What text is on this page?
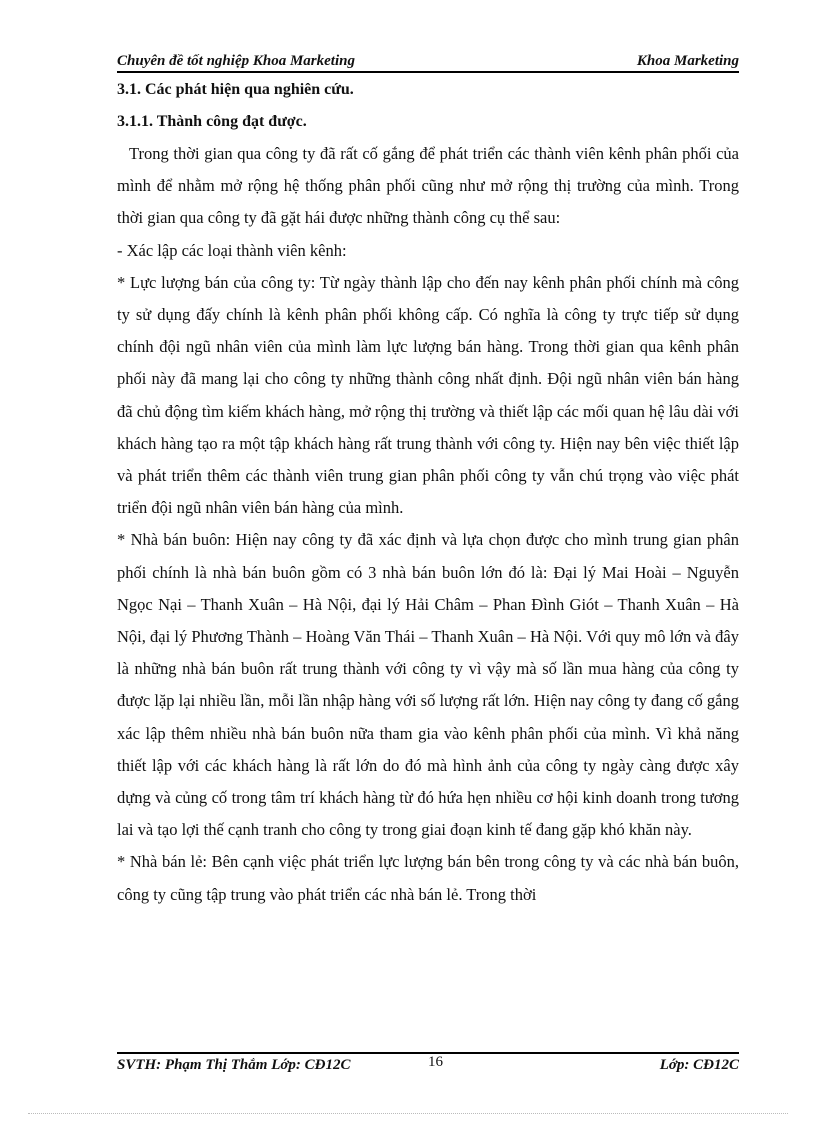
Chuyên đề tốt nghiệp Khoa Marketing	Khoa Marketing

3.1. Các phát hiện qua nghiên cứu.

3.1.1. Thành công đạt được.

Trong thời gian qua công ty đã rất cố gắng để phát triển các thành viên kênh phân phối của mình để nhằm mở rộng hệ thống phân phối cũng như mở rộng thị trường của mình. Trong thời gian qua công ty đã gặt hái được những thành công cụ thể sau:

- Xác lập các loại thành viên kênh:

* Lực lượng bán của công ty: Từ ngày thành lập cho đến nay kênh phân phối chính mà công ty sử dụng đấy chính là kênh phân phối không cấp. Có nghĩa là công ty trực tiếp sử dụng chính đội ngũ nhân viên của mình làm lực lượng bán hàng. Trong thời gian qua kênh phân phối này đã mang lại cho công ty những thành công nhất định. Đội ngũ nhân viên bán hàng đã chủ động tìm kiếm khách hàng, mở rộng thị trường và thiết lập các mối quan hệ lâu dài với khách hàng tạo ra một tập khách hàng rất trung thành với công ty. Hiện nay bên việc thiết lập và phát triển thêm các thành viên trung gian phân phối công ty vẫn chú trọng vào việc phát triển đội ngũ nhân viên bán hàng của mình.

* Nhà bán buôn: Hiện nay công ty đã xác định và lựa chọn được cho mình trung gian phân phối chính là nhà bán buôn gồm có 3 nhà bán buôn lớn đó là: Đại lý Mai Hoài – Nguyễn Ngọc Nại – Thanh Xuân – Hà Nội, đại lý Hải Châm – Phan Đình Giót – Thanh Xuân – Hà Nội, đại lý Phương Thành – Hoàng Văn Thái – Thanh Xuân – Hà Nội. Với quy mô lớn và đây là những nhà bán buôn rất trung thành với công ty vì vậy mà số lần mua hàng của công ty được lặp lại nhiều lần, mỗi lần nhập hàng với số lượng rất lớn. Hiện nay công ty đang cố gắng xác lập thêm nhiều nhà bán buôn nữa tham gia vào kênh phân phối của mình. Vì khả năng thiết lập với các khách hàng là rất lớn do đó mà hình ảnh của công ty ngày càng được xây dựng và củng cố trong tâm trí khách hàng từ đó hứa hẹn nhiều cơ hội kinh doanh trong tương lai và tạo lợi thế cạnh tranh cho công ty trong giai đoạn kinh tế đang gặp khó khăn này.

* Nhà bán lẻ: Bên cạnh việc phát triển lực lượng bán bên trong công ty và các nhà bán buôn, công ty cũng tập trung vào phát triển các nhà bán lẻ. Trong thời

SVTH: Phạm Thị Thắm Lớp: CĐ12C	Lớp: CĐ12C
16
